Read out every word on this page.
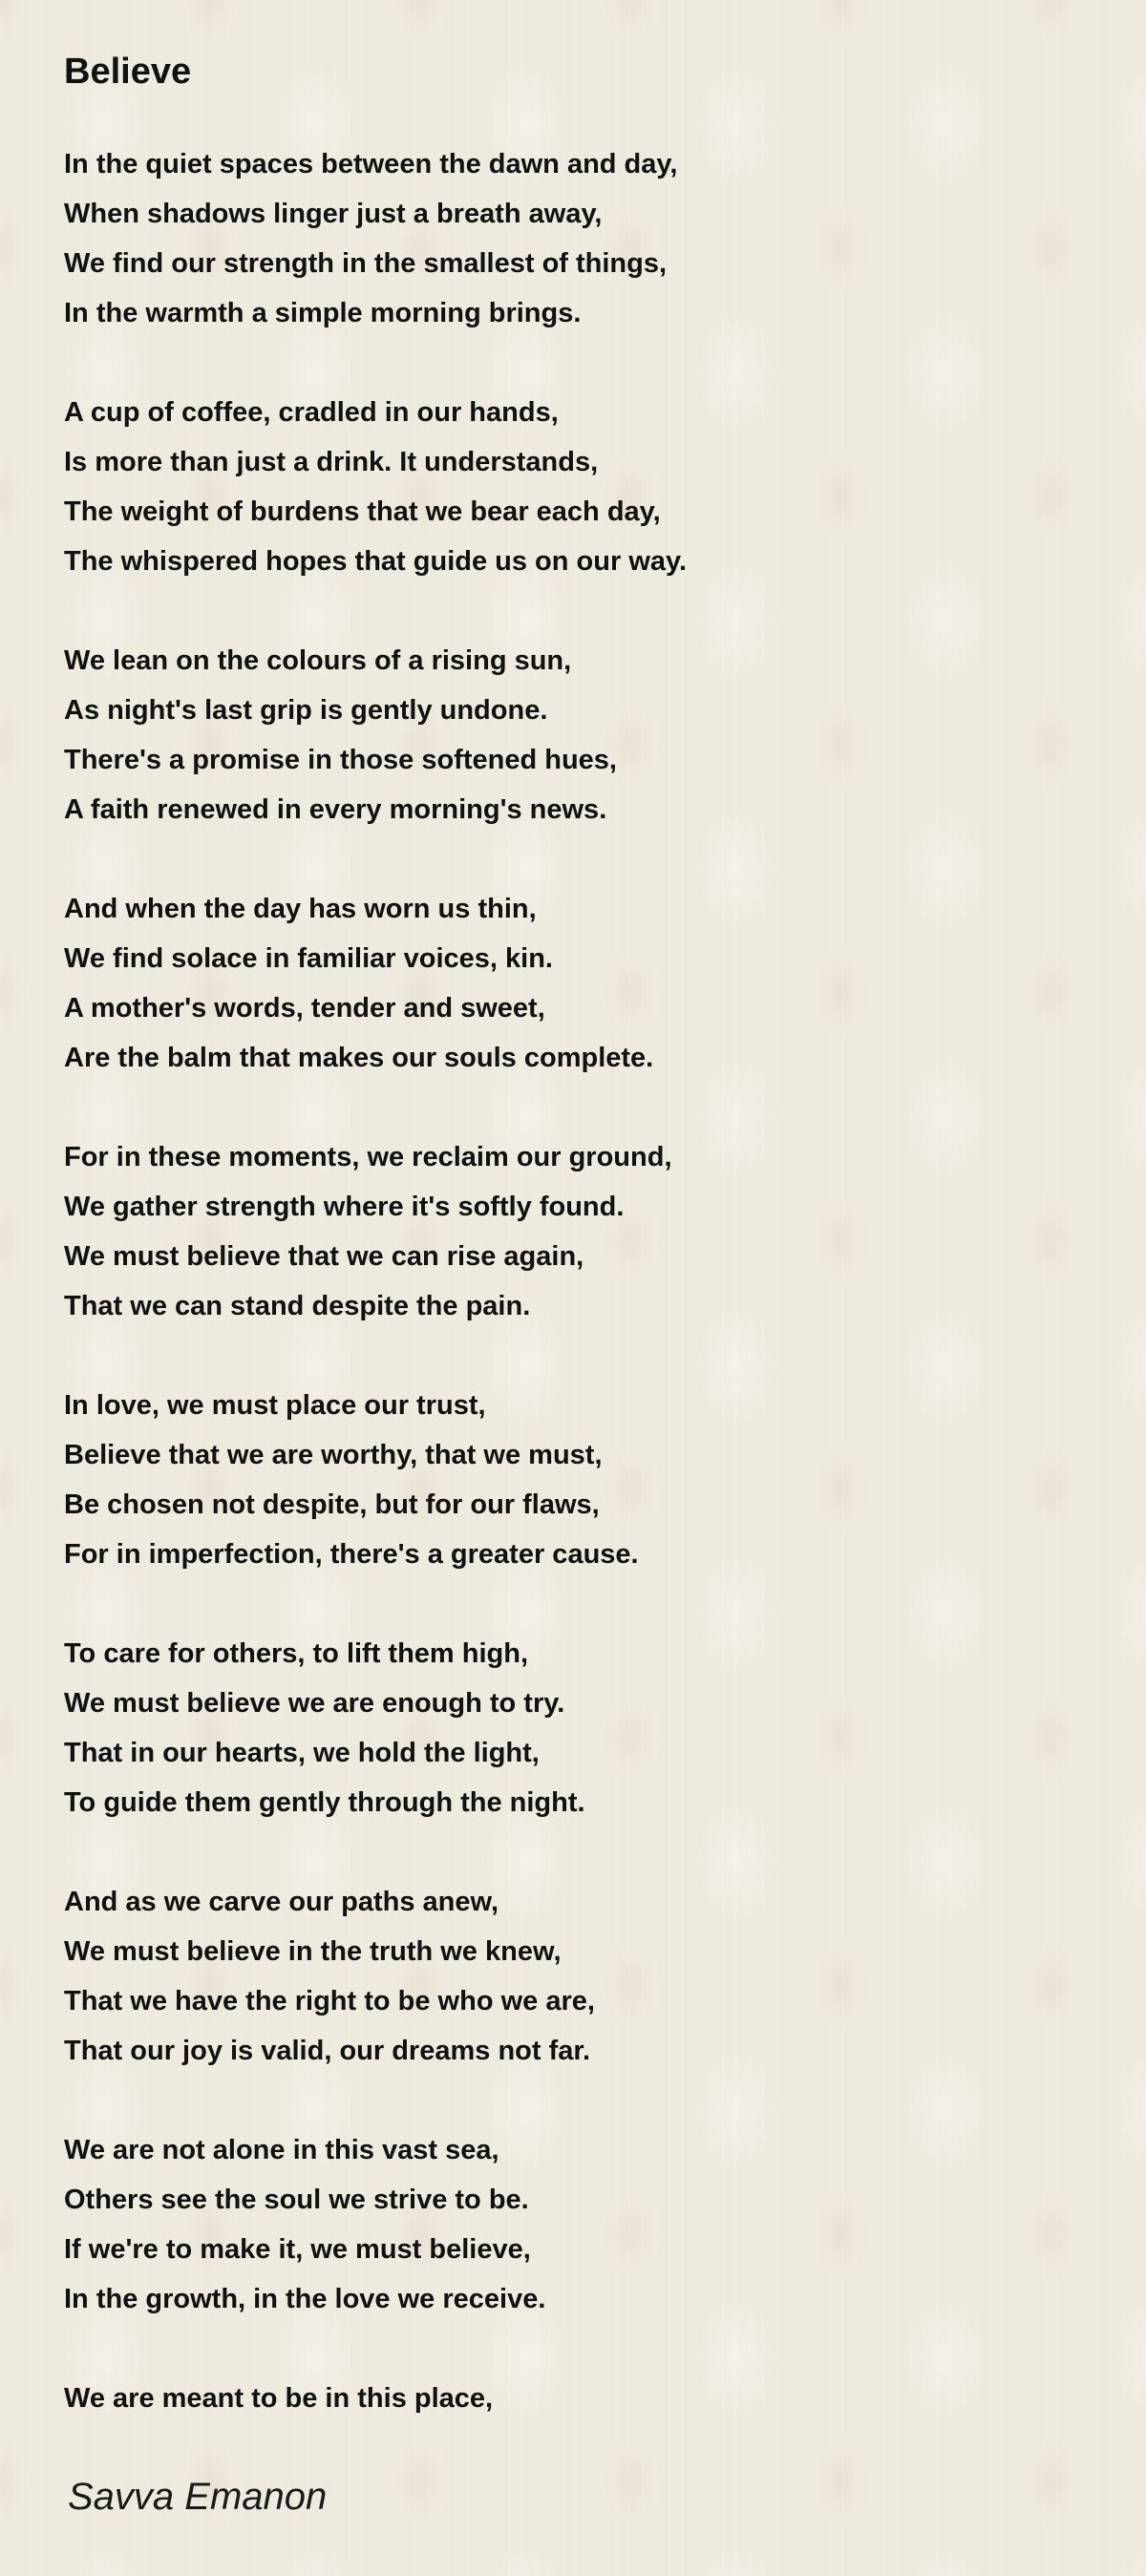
Believe
In the quiet spaces between the dawn and day,
When shadows linger just a breath away,
We find our strength in the smallest of things,
In the warmth a simple morning brings.
A cup of coffee, cradled in our hands,
Is more than just a drink. It understands,
The weight of burdens that we bear each day,
The whispered hopes that guide us on our way.
We lean on the colours of a rising sun,
As night's last grip is gently undone.
There's a promise in those softened hues,
A faith renewed in every morning's news.
And when the day has worn us thin,
We find solace in familiar voices, kin.
A mother's words, tender and sweet,
Are the balm that makes our souls complete.
For in these moments, we reclaim our ground,
We gather strength where it's softly found.
We must believe that we can rise again,
That we can stand despite the pain.
In love, we must place our trust,
Believe that we are worthy, that we must,
Be chosen not despite, but for our flaws,
For in imperfection, there's a greater cause.
To care for others, to lift them high,
We must believe we are enough to try.
That in our hearts, we hold the light,
To guide them gently through the night.
And as we carve our paths anew,
We must believe in the truth we knew,
That we have the right to be who we are,
That our joy is valid, our dreams not far.
We are not alone in this vast sea,
Others see the soul we strive to be.
If we're to make it, we must believe,
In the growth, in the love we receive.
We are meant to be in this place,
Savva Emanon
